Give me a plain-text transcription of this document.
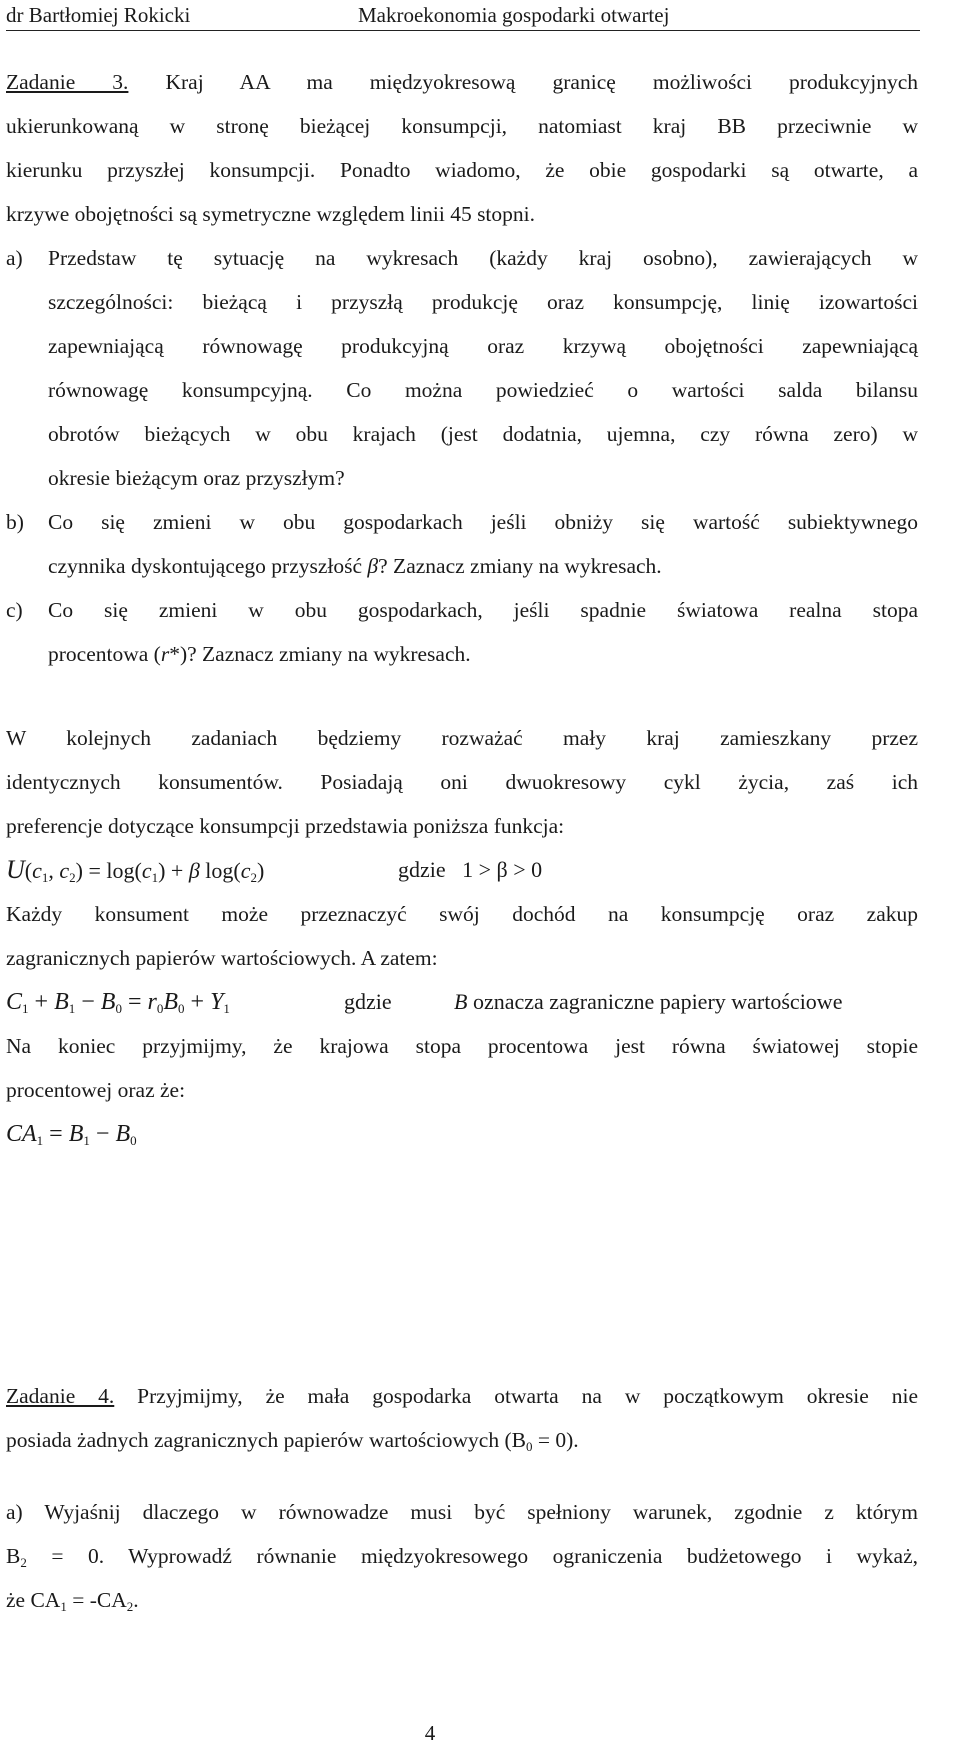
dr Bartłomiej Rokicki	Makroekonomia gospodarki otwartej

Zadanie 3. Kraj AA ma międzyokresową granicę możliwości produkcyjnych

ukierunkowaną w stronę bieżącej konsumpcji, natomiast kraj BB przeciwnie w

kierunku przyszłej konsumpcji. Ponadto wiadomo, że obie gospodarki są otwarte, a

krzywe obojętności są symetryczne względem linii 45 stopni.

a) Przedstaw tę sytuację na wykresach (każdy kraj osobno), zawierających w

szczególności: bieżącą i przyszłą produkcję oraz konsumpcję, linię izowartości

zapewniającą równowagę produkcyjną oraz krzywą obojętności zapewniającą

równowagę konsumpcyjną. Co można powiedzieć o wartości salda bilansu

obrotów bieżących w obu krajach (jest dodatnia, ujemna, czy równa zero) w

okresie bieżącym oraz przyszłym?

b) Co się zmieni w obu gospodarkach jeśli obniży się wartość subiektywnego

czynnika dyskontującego przyszłość β? Zaznacz zmiany na wykresach.

c) Co się zmieni w obu gospodarkach, jeśli spadnie światowa realna stopa

procentowa (r*)? Zaznacz zmiany na wykresach.

W kolejnych zadaniach będziemy rozważać mały kraj zamieszkany przez

identycznych konsumentów. Posiadają oni dwuokresowy cykl życia, zaś ich

preferencje dotyczące konsumpcji przedstawia poniższa funkcja:

$U(c_1$, $c_2) = \log(c_1) + \beta$ $\log(c_2)$	gdzie   1 > β > 0

Każdy konsument może przeznaczyć swój dochód na konsumpcję oraz zakup

zagranicznych papierów wartościowych. A zatem:

$C_1 + B_1 - B_0 = r_0B_0 + Y_1$	gdzie	B oznacza zagraniczne papiery wartościowe

Na koniec przyjmijmy, że krajowa stopa procentowa jest równa światowej stopie

procentowej oraz że:

$CA_1 = B_1 - B_0$

Zadanie 4. Przyjmijmy, że mała gospodarka otwarta na w początkowym okresie nie

posiada żadnych zagranicznych papierów wartościowych $(B_0 = 0)$.

a) Wyjaśnij dlaczego w równowadze musi być spełniony warunek, zgodnie z którym

$B_2 = 0$. Wyprowadź równanie międzyokresowego ograniczenia budżetowego i wykaż,

że $CA_1 = -CA_2$.

4
